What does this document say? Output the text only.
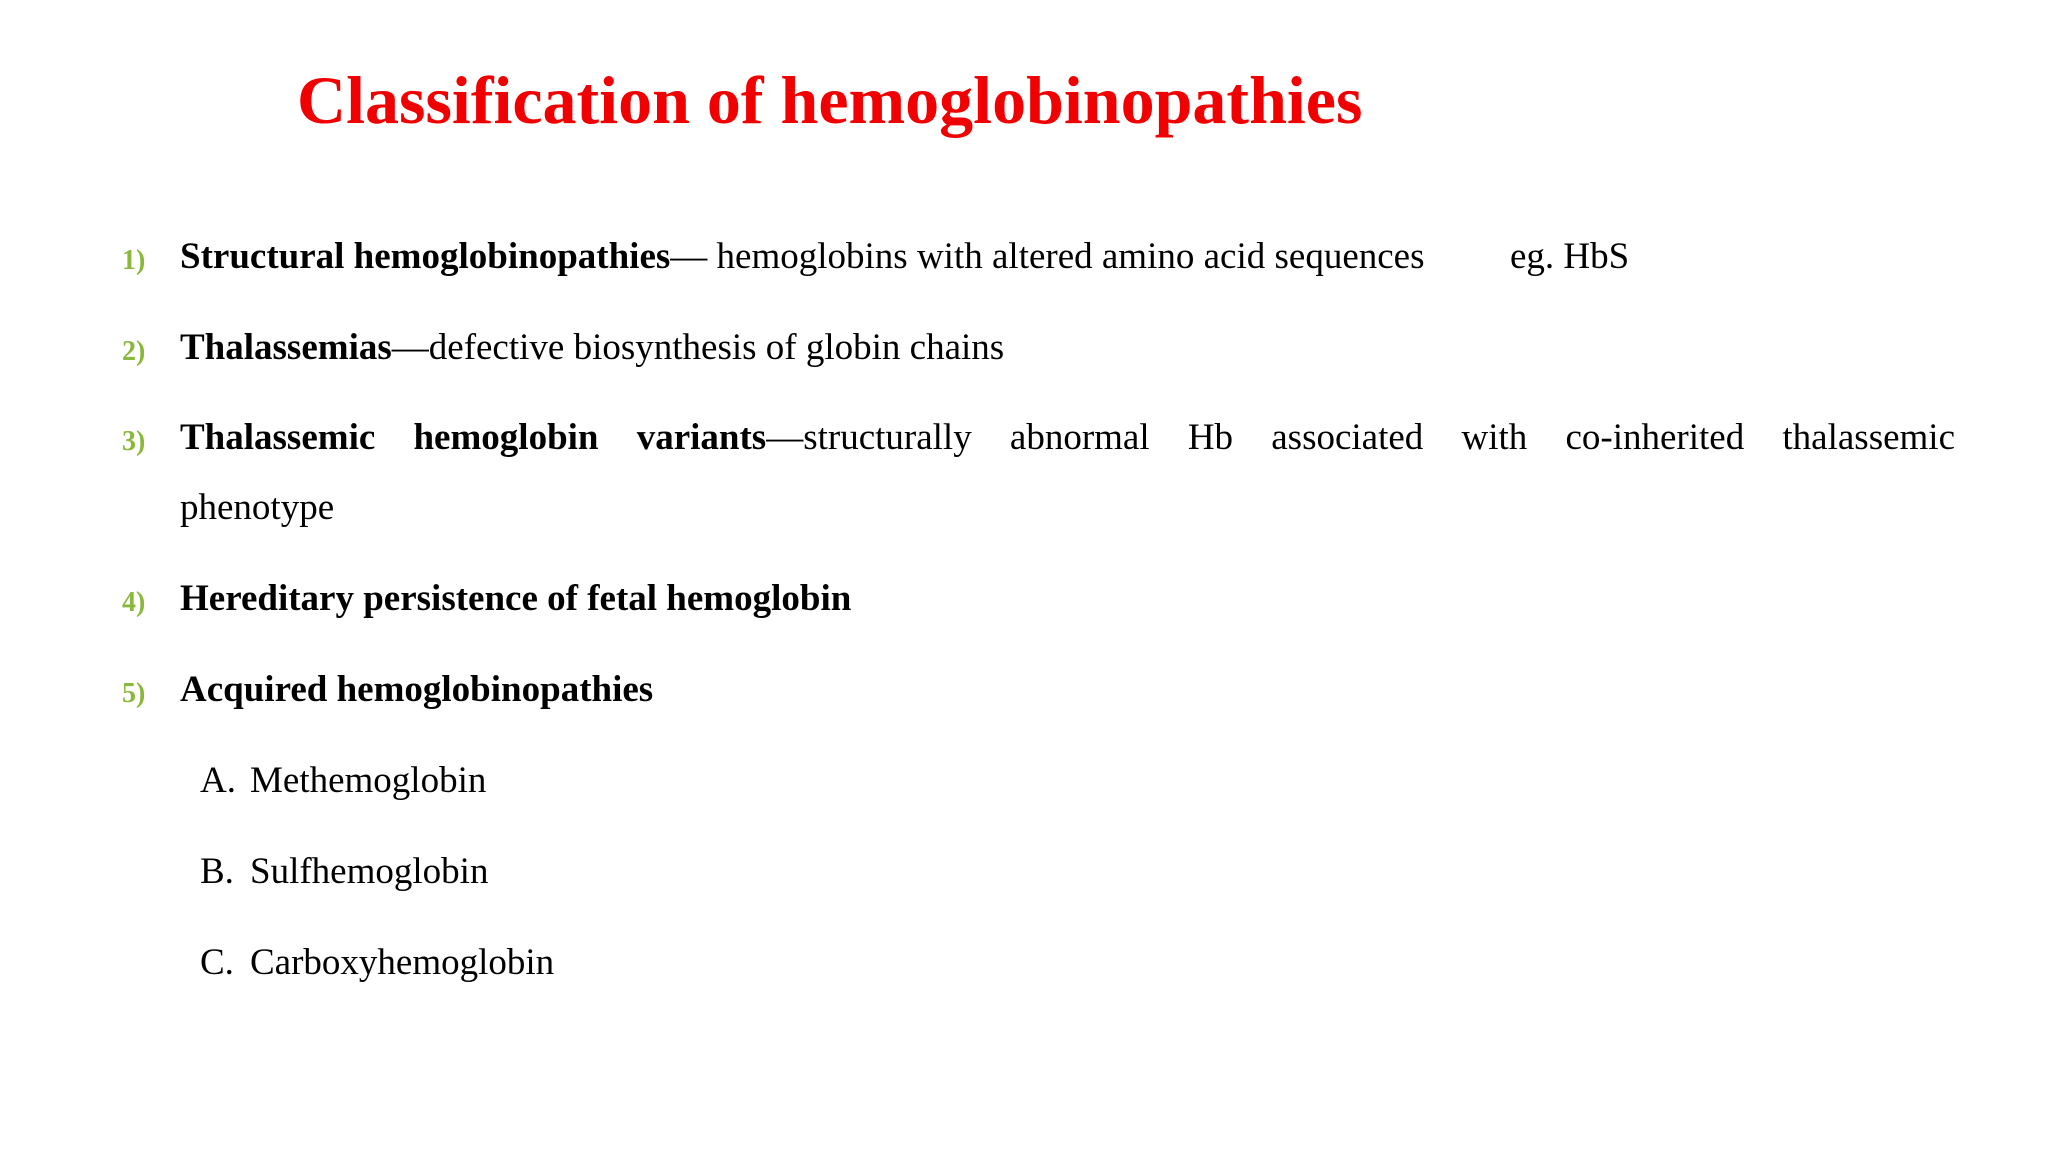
Classification of hemoglobinopathies
1) Structural hemoglobinopathies— hemoglobins with altered amino acid sequences eg. HbS
2) Thalassemias—defective biosynthesis of globin chains
3) Thalassemic hemoglobin variants—structurally abnormal Hb associated with co-inherited thalassemic
phenotype
4) Hereditary persistence of fetal hemoglobin
5) Acquired hemoglobinopathies
A. Methemoglobin
B. Sulfhemoglobin
C. Carboxyhemoglobin
